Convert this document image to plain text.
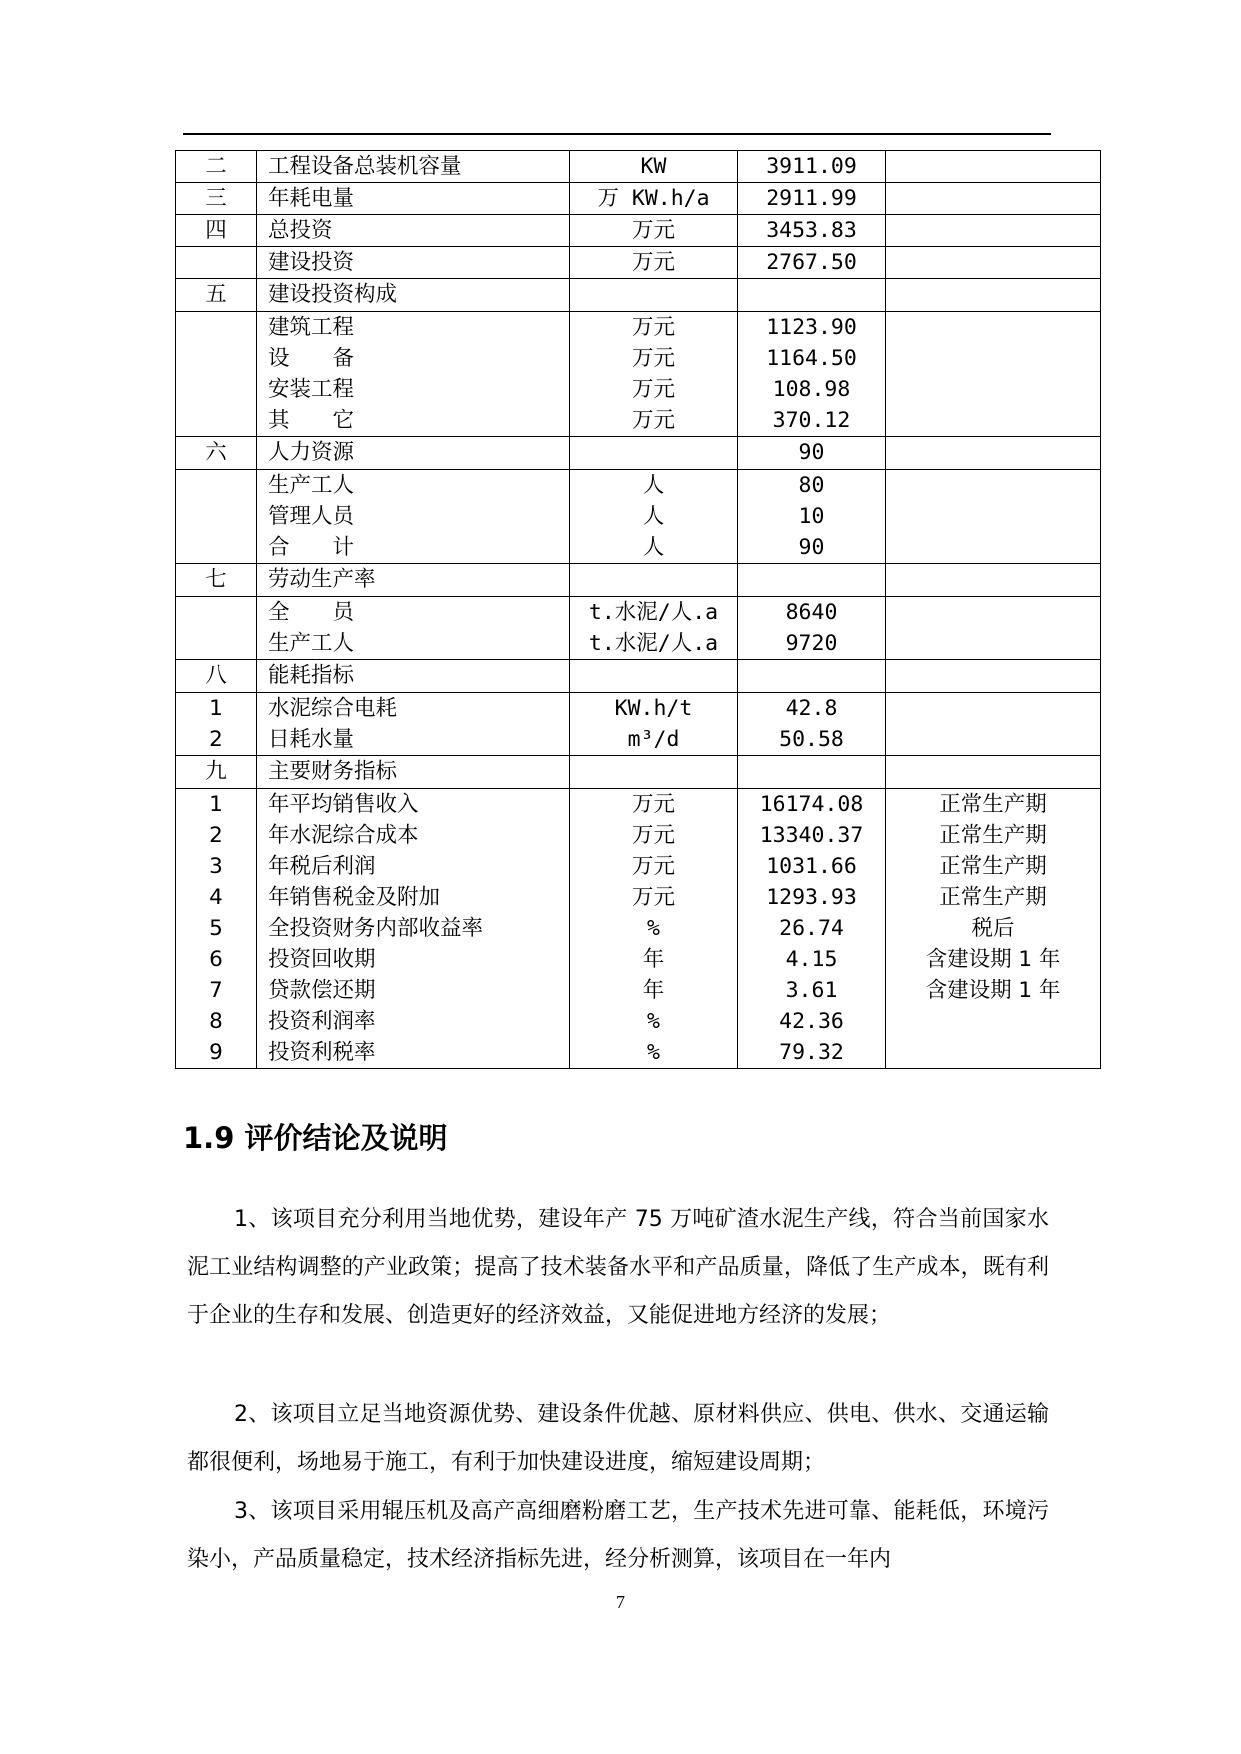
二	工程设备总装机容量	KW	3911.09	
三	年耗电量	万 KW.h/a	2911.99	
四	总投资	万元	3453.83	
	建设投资	万元	2767.50	
五	建设投资构成			
	建筑工程	万元	1123.90	
	设　　备	万元	1164.50	
	安装工程	万元	108.98	
	其　　它	万元	370.12	
六	人力资源		90	
	生产工人	人	80	
	管理人员	人	10	
	合　　计	人	90	
七	劳动生产率			
	全　　员	t.水泥/人.a	8640	
	生产工人	t.水泥/人.a	9720	
八	能耗指标			
1	水泥综合电耗	KW.h/t	42.8	
2	日耗水量	m³/d	50.58	
九	主要财务指标			
1	年平均销售收入	万元	16174.08	正常生产期
2	年水泥综合成本	万元	13340.37	正常生产期
3	年税后利润	万元	1031.66	正常生产期
4	年销售税金及附加	万元	1293.93	正常生产期
5	全投资财务内部收益率	%	26.74	税后
6	投资回收期	年	4.15	含建设期 1 年
7	贷款偿还期	年	3.61	含建设期 1 年
8	投资利润率	%	42.36	
9	投资利税率	%	79.32	
1.9 评价结论及说明

1、该项目充分利用当地优势，建设年产 75 万吨矿渣水泥生产线，符合当前国家水泥工业结构调整的产业政策；提高了技术装备水平和产品质量，降低了生产成本，既有利于企业的生存和发展、创造更好的经济效益，又能促进地方经济的发展；

2、该项目立足当地资源优势、建设条件优越、原材料供应、供电、供水、交通运输都很便利，场地易于施工，有利于加快建设进度，缩短建设周期；

3、该项目采用辊压机及高产高细磨粉磨工艺，生产技术先进可靠、能耗低，环境污染小，产品质量稳定，技术经济指标先进，经分析测算，该项目在一年内

7
